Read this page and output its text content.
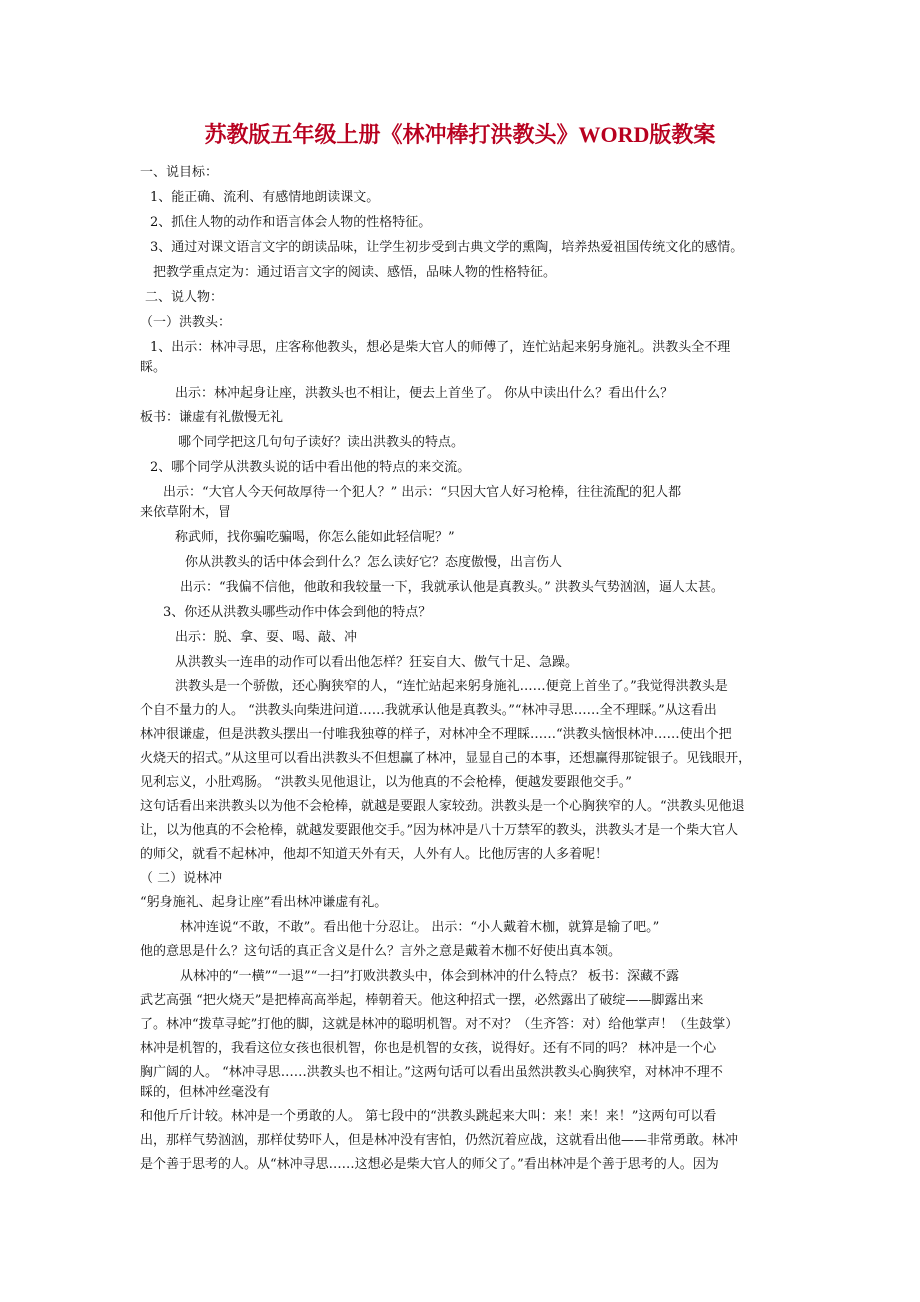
苏教版五年级上册《林冲棒打洪教头》WORD版教案
一、说目标：
1、能正确、流利、有感情地朗读课文。
2、抓住人物的动作和语言体会人物的性格特征。
3、通过对课文语言文字的朗读品味，让学生初步受到古典文学的熏陶，培养热爱祖国传统文化的感情。
把教学重点定为：通过语言文字的阅读、感悟，品味人物的性格特征。
二、说人物：
（一）洪教头：
1、出示：林冲寻思，庄客称他教头，想必是柴大官人的师傅了，连忙站起来躬身施礼。洪教头全不理
睬。
出示：林冲起身让座，洪教头也不相让，便去上首坐了。 你从中读出什么？看出什么？
板书：谦虚有礼傲慢无礼
哪个同学把这几句句子读好？读出洪教头的特点。
2、哪个同学从洪教头说的话中看出他的特点的来交流。
出示：“大官人今天何故厚待一个犯人？” 出示：“只因大官人好习枪棒，往往流配的犯人都
来依草附木，冒
称武师，找你骗吃骗喝，你怎么能如此轻信呢？”
你从洪教头的话中体会到什么？怎么读好它？态度傲慢，出言伤人
出示：“我偏不信他，他敢和我较量一下，我就承认他是真教头。” 洪教头气势汹汹，逼人太甚。
3、你还从洪教头哪些动作中体会到他的特点？
出示：脱、拿、耍、喝、敲、冲
从洪教头一连串的动作可以看出他怎样？狂妄自大、傲气十足、急躁。
洪教头是一个骄傲，还心胸狭窄的人，“连忙站起来躬身施礼……便竟上首坐了。”我觉得洪教头是
个自不量力的人。 “洪教头向柴进问道……我就承认他是真教头。”“林冲寻思……全不理睬。”从这看出
林冲很谦虚，但是洪教头摆出一付唯我独尊的样子，对林冲全不理睬……“洪教头恼恨林冲……使出个把
火烧天的招式。”从这里可以看出洪教头不但想赢了林冲，显显自己的本事，还想赢得那锭银子。见钱眼开，
见利忘义，小肚鸡肠。 “洪教头见他退让，以为他真的不会枪棒，便越发要跟他交手。”
这句话看出来洪教头以为他不会枪棒，就越是要跟人家较劲。洪教头是一个心胸狭窄的人。“洪教头见他退
让，以为他真的不会枪棒，就越发要跟他交手。”因为林冲是八十万禁军的教头，洪教头才是一个柴大官人
的师父，就看不起林冲，他却不知道天外有天，人外有人。比他厉害的人多着呢！
（ 二）说林冲
“躬身施礼、起身让座”看出林冲谦虚有礼。
林冲连说“不敢，不敢”。看出他十分忍让。 出示：“小人戴着木枷，就算是输了吧。”
他的意思是什么？这句话的真正含义是什么？言外之意是戴着木枷不好使出真本领。
从林冲的“一横”“一退”“一扫”打败洪教头中，体会到林冲的什么特点？ 板书：深藏不露
武艺高强 “把火烧天”是把棒高高举起，棒朝着天。他这种招式一摆，必然露出了破绽——脚露出来
了。林冲“拨草寻蛇”打他的脚，这就是林冲的聪明机智。对不对？（生齐答：对）给他掌声！（生鼓掌）
林冲是机智的，我看这位女孩也很机智，你也是机智的女孩，说得好。还有不同的吗？ 林冲是一个心
胸广阔的人。 “林冲寻思……洪教头也不相让。”这两句话可以看出虽然洪教头心胸狭窄，对林冲不理不
睬的，但林冲丝毫没有
和他斤斤计较。林冲是一个勇敢的人。 第七段中的“洪教头跳起来大叫：来！来！来！”这两句可以看
出，那样气势汹汹，那样仗势吓人，但是林冲没有害怕，仍然沉着应战，这就看出他——非常勇敢。林冲
是个善于思考的人。从“林冲寻思……这想必是柴大官人的师父了。”看出林冲是个善于思考的人。因为
